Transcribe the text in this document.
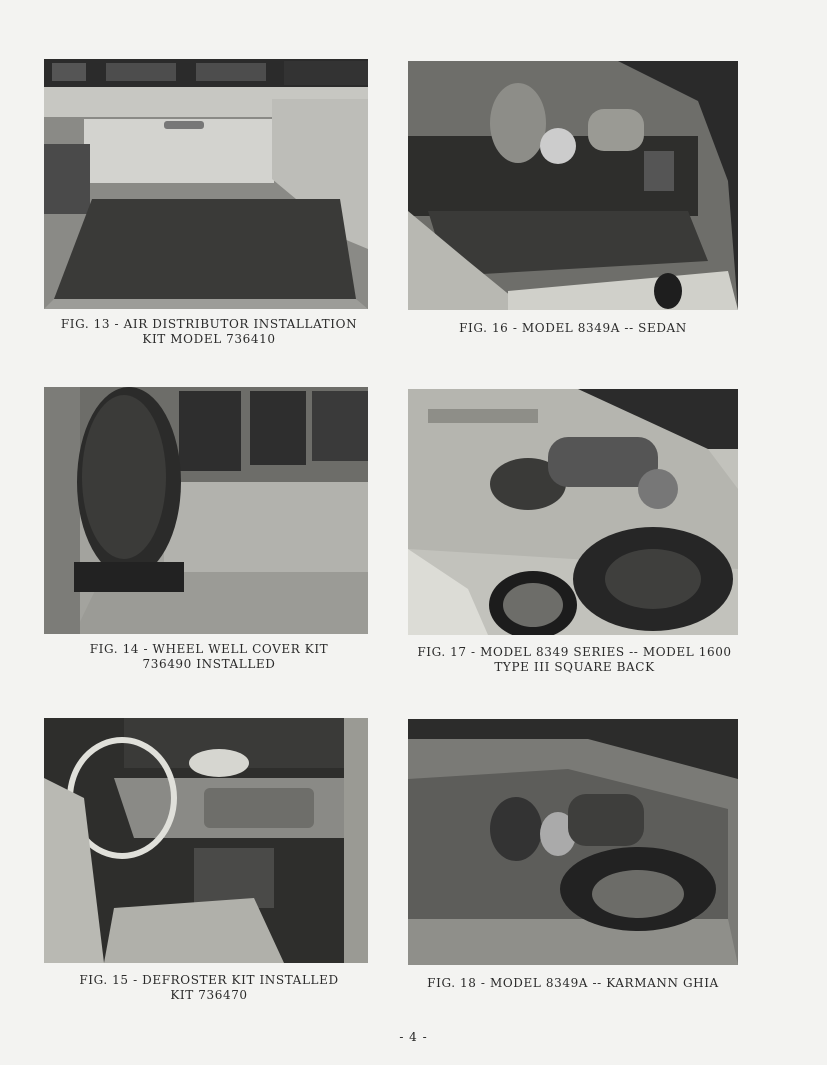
FIG. 13 - AIR DISTRIBUTOR INSTALLATION
KIT MODEL 736410
FIG. 16 - MODEL 8349A -- SEDAN
FIG. 14 - WHEEL WELL COVER KIT
736490 INSTALLED
FIG. 17 - MODEL 8349 SERIES -- MODEL 1600
TYPE III SQUARE BACK
FIG. 15 - DEFROSTER KIT INSTALLED
KIT 736470
FIG. 18 - MODEL 8349A -- KARMANN GHIA
- 4 -
